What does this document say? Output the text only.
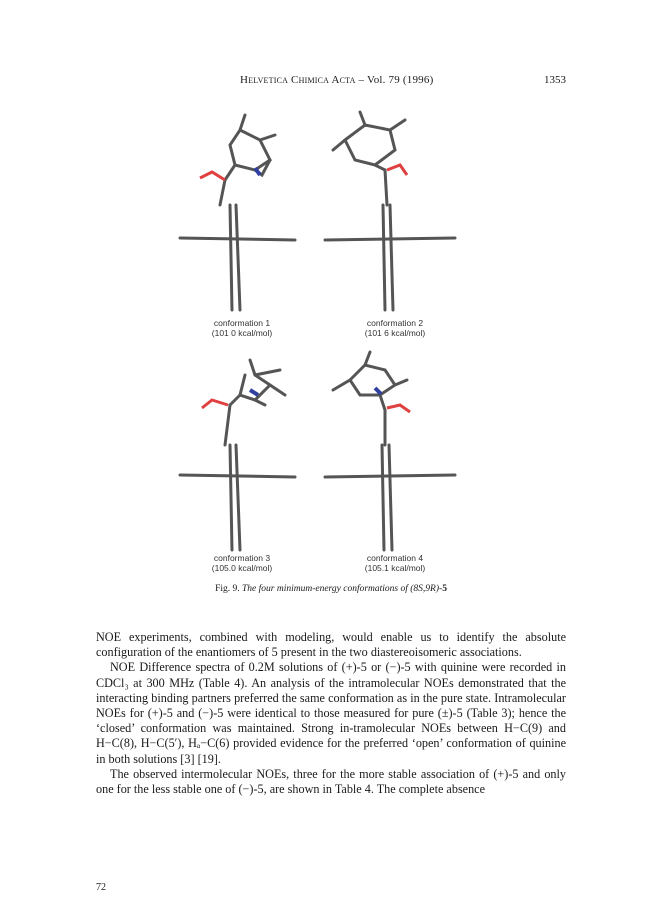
Helvetica Chimica Acta – Vol. 79 (1996)	1353
conformation 1
(101 0 kcal/mol)
conformation 2
(101 6 kcal/mol)
conformation 3
(105.0 kcal/mol)
conformation 4
(105.1 kcal/mol)
Fig. 9. The four minimum-energy conformations of (8S,9R)-5

NOE experiments, combined with modeling, would enable us to identify the absolute configuration of the enantiomers of 5 present in the two diastereoisomeric associations.

NOE Difference spectra of 0.2M solutions of (+)-5 or (−)-5 with quinine were recorded in CDCl₃ at 300 MHz (Table 4). An analysis of the intramolecular NOEs demonstrated that the interacting binding partners preferred the same conformation as in the pure state. Intramolecular NOEs for (+)-5 and (−)-5 were identical to those measured for pure (±)-5 (Table 3); hence the ‘closed’ conformation was maintained. Strong in-tramolecular NOEs between H−C(9) and H−C(8), H−C(5′), Hₐ−C(6) provided evidence for the preferred ‘open’ conformation of quinine in both solutions [3] [19].

The observed intermolecular NOEs, three for the more stable association of (+)-5 and only one for the less stable one of (−)-5, are shown in Table 4. The complete absence

72
